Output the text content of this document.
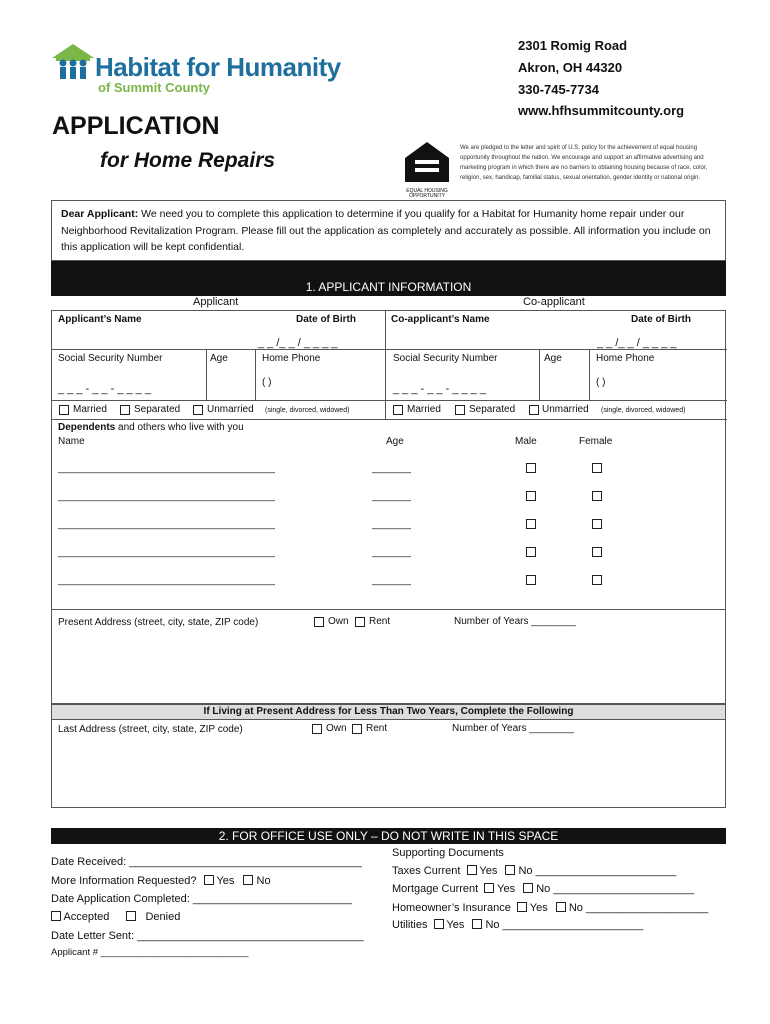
Habitat for Humanity
of Summit County
2301 Romig Road
Akron, OH 44320
330-745-7734
www.hfhsummitcounty.org
APPLICATION
for Home Repairs
EQUAL HOUSING OPPORTUNITY
We are pledged to the letter and spirit of U.S. policy for the achievement of equal housing opportunity throughout the nation. We encourage and support an affirmative advertising and marketing program in which there are no barriers to obtaining housing because of race, color, religion, sex, handicap, familial status, sexual orientation, gender identity or national origin.
Dear Applicant: We need you to complete this application to determine if you qualify for a Habitat for Humanity home repair under our Neighborhood Revitalization Program. Please fill out the application as completely and accurately as possible. All information you include on this application will be kept confidential.
1. APPLICANT INFORMATION
Applicant	Co-applicant
Applicant’s Name	Date of Birth
_ _ /_ _ / _ _ _ _
Co-applicant’s Name	Date of Birth
_ _ /_ _ / _ _ _ _
Social Security Number
_ _ _ - _ _ - _ _ _ _
Age	Home Phone
( )
Social Security Number
_ _ _ - _ _ - _ _ _ _
Age	Home Phone
( )
Married	Separated	Unmarried (single, divorced, widowed)	Married	Separated	Unmarried (single, divorced, widowed)
Dependents and others who live with you
Name	Age	Male	Female
_______________________________________	_______
_______________________________________	_______
_______________________________________	_______
_______________________________________	_______
_______________________________________	_______
Present Address (street, city, state, ZIP code)	Own Rent	Number of Years ________
If Living at Present Address for Less Than Two Years, Complete the Following
Last Address (street, city, state, ZIP code)	Own Rent	Number of Years ________
2. FOR OFFICE USE ONLY – DO NOT WRITE IN THIS SPACE
Date Received: ______________________________________
More Information Requested? Yes No
Date Application Completed: __________________________
Accepted	Denied
Date Letter Sent: _____________________________________
Applicant # ____________________________
Supporting Documents
Taxes Current Yes No _______________________
Mortgage Current Yes No _______________________
Homeowner’s Insurance Yes No ____________________
Utilities Yes No _______________________
